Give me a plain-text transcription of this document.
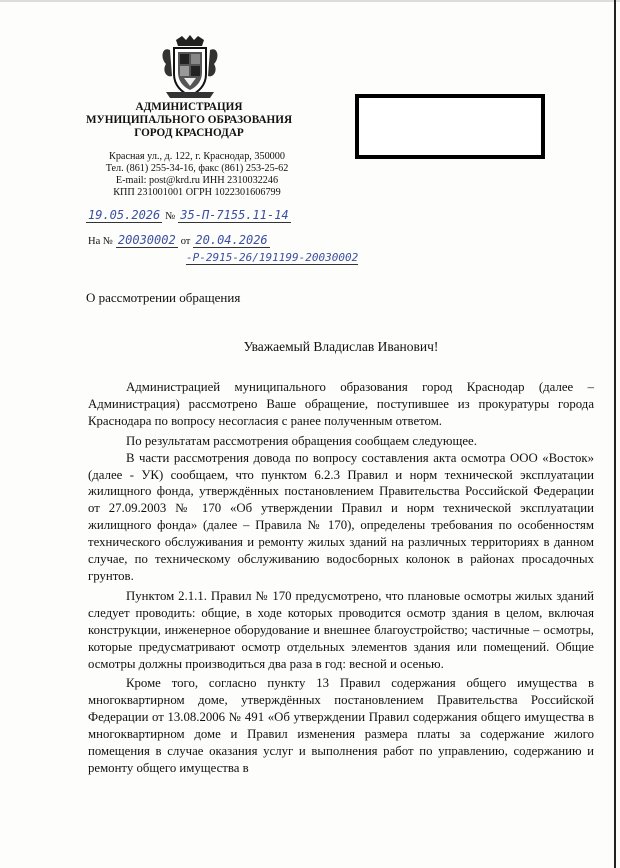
АДМИНИСТРАЦИЯ
МУНИЦИПАЛЬНОГО ОБРАЗОВАНИЯ
ГОРОД КРАСНОДАР
Красная ул., д. 122, г. Краснодар, 350000
Тел. (861) 255-34-16, факс (861) 253-25-62
E-mail: post@krd.ru ИНН 2310032246
КПП 231001001 ОГРН 1022301606799
19.05.2026 № 35-П-7155.11-14
На № 20030002 от 20.04.2026
-Р-2915-26/191199-20030002
О рассмотрении обращения
Уважаемый Владислав Иванович!

Администрацией муниципального образования город Краснодар (далее – Администрация) рассмотрено Ваше обращение, поступившее из прокуратуры города Краснодара по вопросу несогласия с ранее полученным ответом.

По результатам рассмотрения обращения сообщаем следующее.

В части рассмотрения довода по вопросу составления акта осмотра ООО «Восток» (далее - УК) сообщаем, что пунктом 6.2.3 Правил и норм технической эксплуатации жилищного фонда, утверждённых постановлением Правительства Российской Федерации от 27.09.2003 № 170 «Об утверждении Правил и норм технической эксплуатации жилищного фонда» (далее – Правила № 170), определены требования по особенностям технического обслуживания и ремонту жилых зданий на различных территориях в данном случае, по техническому обслуживанию водосборных колонок в районах просадочных грунтов.

Пунктом 2.1.1. Правил № 170 предусмотрено, что плановые осмотры жилых зданий следует проводить: общие, в ходе которых проводится осмотр здания в целом, включая конструкции, инженерное оборудование и внешнее благоустройство; частичные – осмотры, которые предусматривают осмотр отдельных элементов здания или помещений. Общие осмотры должны производиться два раза в год: весной и осенью.

Кроме того, согласно пункту 13 Правил содержания общего имущества в многоквартирном доме, утверждённых постановлением Правительства Российской Федерации от 13.08.2006 № 491 «Об утверждении Правил содержания общего имущества в многоквартирном доме и Правил изменения размера платы за содержание жилого помещения в случае оказания услуг и выполнения работ по управлению, содержанию и ремонту общего имущества в
